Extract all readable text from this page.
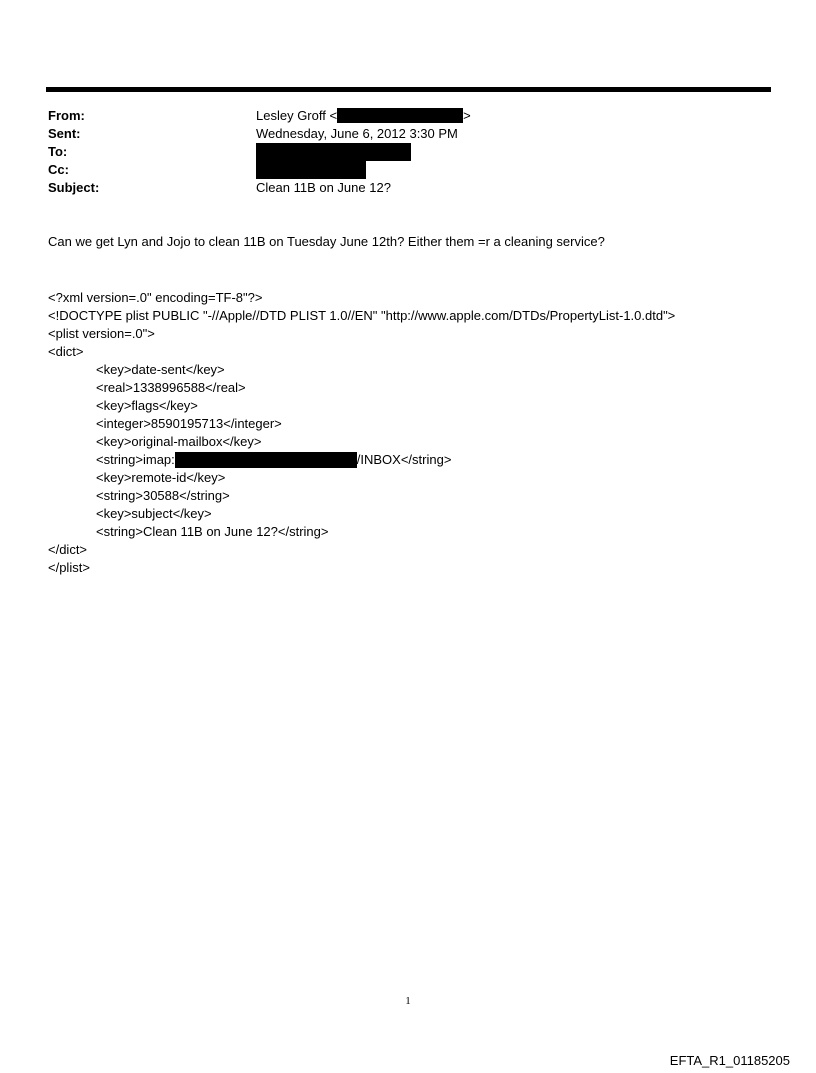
From:	Lesley Groff <	>
Sent:	Wednesday, June 6, 2012 3:30 PM
To:
Cc:
Subject:	Clean 11B on June 12?
Can we get Lyn and Jojo to clean 11B on Tuesday June 12th? Either them =r a cleaning service?
<?xml version=.0" encoding=TF-8"?>
<!DOCTYPE plist PUBLIC "-//Apple//DTD PLIST 1.0//EN" "http://www.apple.com/DTDs/PropertyList-1.0.dtd">
<plist version=.0">
<dict>
<key>date-sent</key>
<real>1338996588</real>
<key>flags</key>
<integer>8590195713</integer>
<key>original-mailbox</key>
<string>imap:	/INBOX</string>
<key>remote-id</key>
<string>30588</string>
<key>subject</key>
<string>Clean 11B on June 12?</string>
</dict>
</plist>
1
EFTA_R1_01185205
